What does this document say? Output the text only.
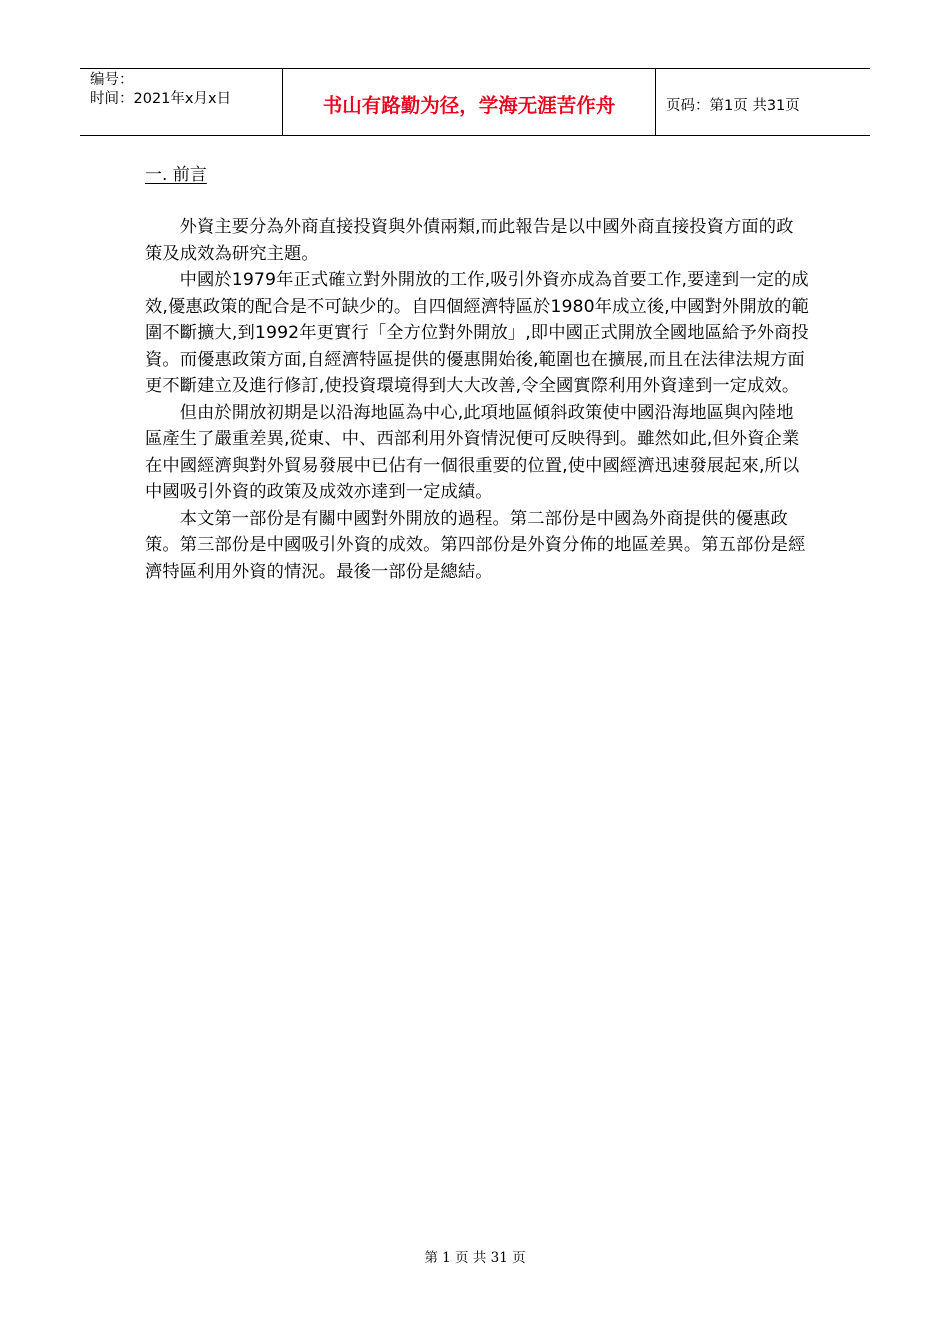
编号：
时间：2021年x月x日	书山有路勤为径，学海无涯苦作舟	页码：第1页 共31页
一. 前言

外資主要分為外商直接投資與外債兩類,而此報告是以中國外商直接投資方面的政策及成效為研究主題。

中國於1979年正式確立對外開放的工作,吸引外資亦成為首要工作,要達到一定的成效,優惠政策的配合是不可缺少的。自四個經濟特區於1980年成立後,中國對外開放的範圍不斷擴大,到1992年更實行「全方位對外開放」,即中國正式開放全國地區給予外商投資。而優惠政策方面,自經濟特區提供的優惠開始後,範圍也在擴展,而且在法律法規方面更不斷建立及進行修訂,使投資環境得到大大改善,令全國實際利用外資達到一定成效。

但由於開放初期是以沿海地區為中心,此項地區傾斜政策使中國沿海地區與內陸地區產生了嚴重差異,從東、中、西部利用外資情況便可反映得到。雖然如此,但外資企業在中國經濟與對外貿易發展中已佔有一個很重要的位置,使中國經濟迅速發展起來,所以中國吸引外資的政策及成效亦達到一定成績。

本文第一部份是有關中國對外開放的過程。第二部份是中國為外商提供的優惠政策。第三部份是中國吸引外資的成效。第四部份是外資分佈的地區差異。第五部份是經濟特區利用外資的情況。最後一部份是總結。

第 1 页 共 31 页
